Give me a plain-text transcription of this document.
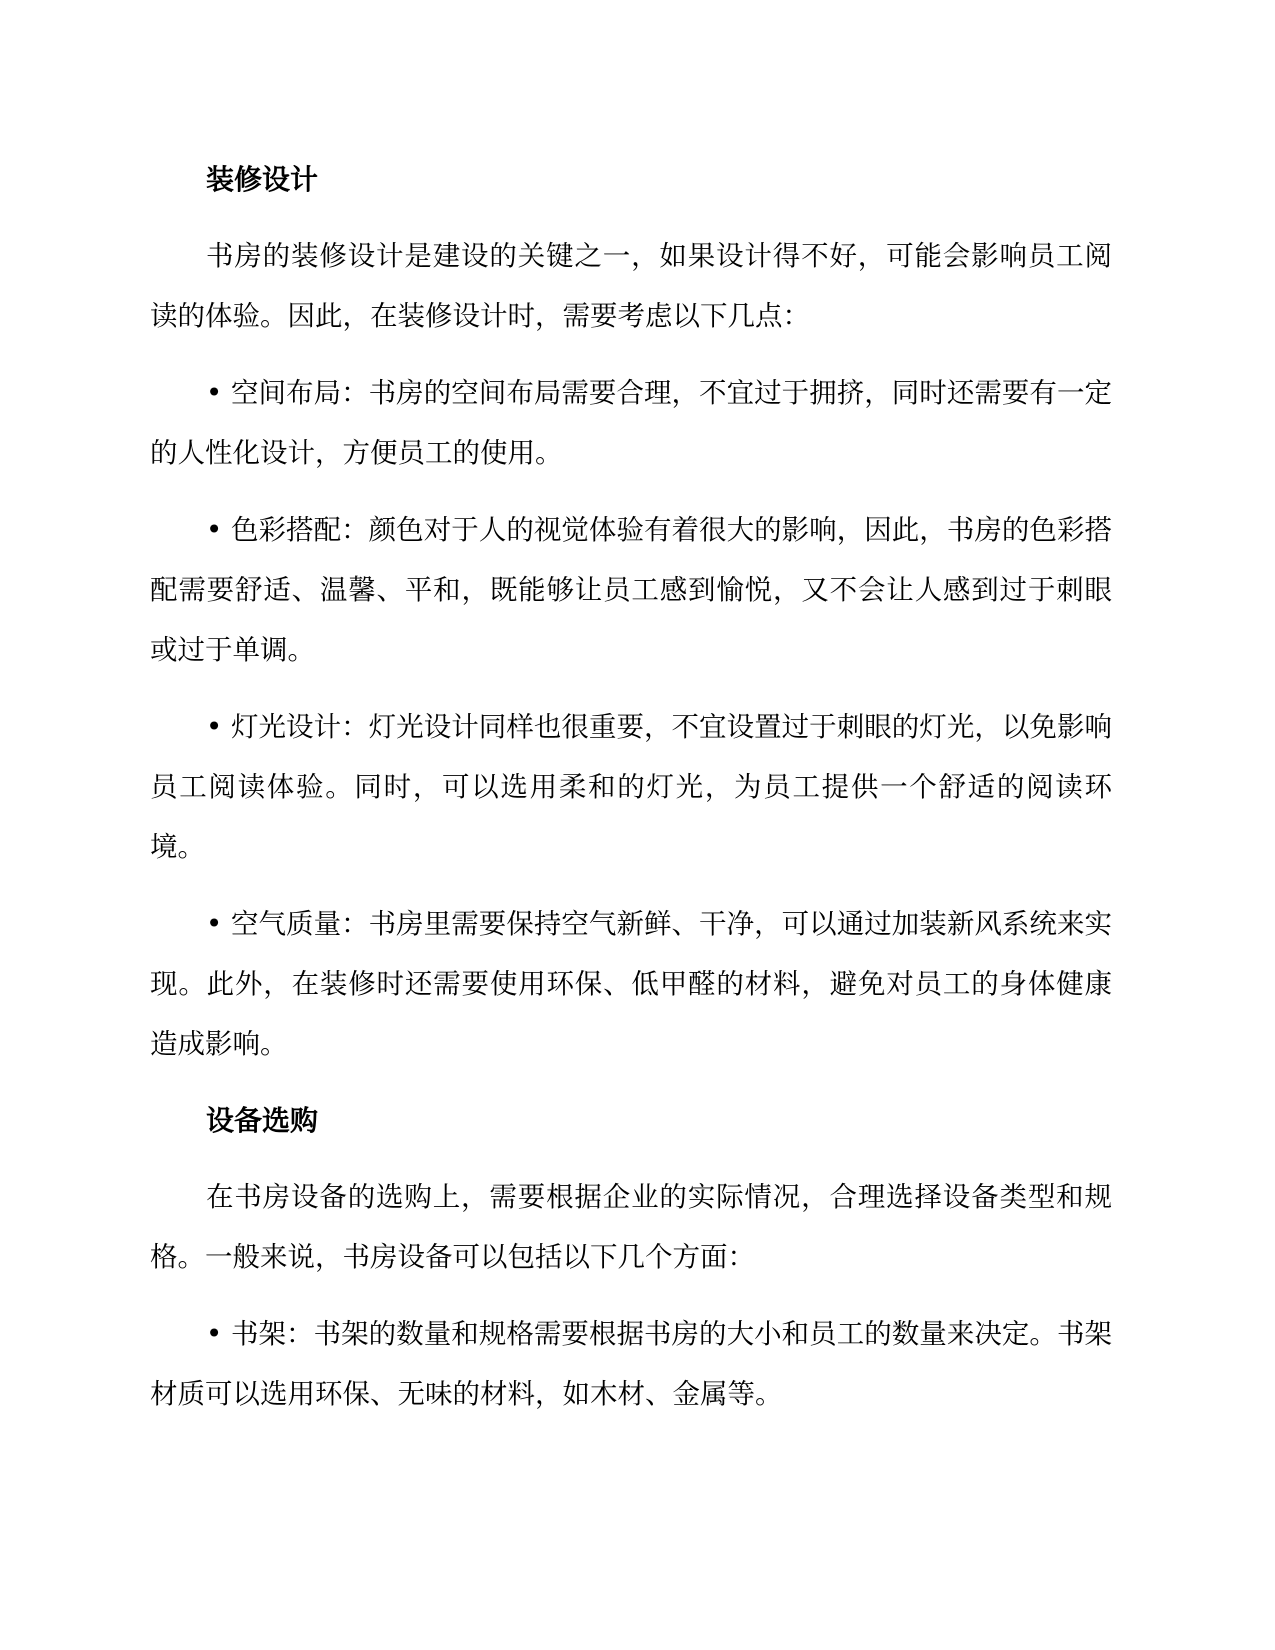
装修设计

书房的装修设计是建设的关键之一，如果设计得不好，可能会影响员工阅读的体验。因此，在装修设计时，需要考虑以下几点：

• 空间布局：书房的空间布局需要合理，不宜过于拥挤，同时还需要有一定的人性化设计，方便员工的使用。

• 色彩搭配：颜色对于人的视觉体验有着很大的影响，因此，书房的色彩搭配需要舒适、温馨、平和，既能够让员工感到愉悦，又不会让人感到过于刺眼或过于单调。

• 灯光设计：灯光设计同样也很重要，不宜设置过于刺眼的灯光，以免影响员工阅读体验。同时，可以选用柔和的灯光，为员工提供一个舒适的阅读环境。

• 空气质量：书房里需要保持空气新鲜、干净，可以通过加装新风系统来实现。此外，在装修时还需要使用环保、低甲醛的材料，避免对员工的身体健康造成影响。

设备选购

在书房设备的选购上，需要根据企业的实际情况，合理选择设备类型和规格。一般来说，书房设备可以包括以下几个方面：

• 书架：书架的数量和规格需要根据书房的大小和员工的数量来决定。书架材质可以选用环保、无味的材料，如木材、金属等。
